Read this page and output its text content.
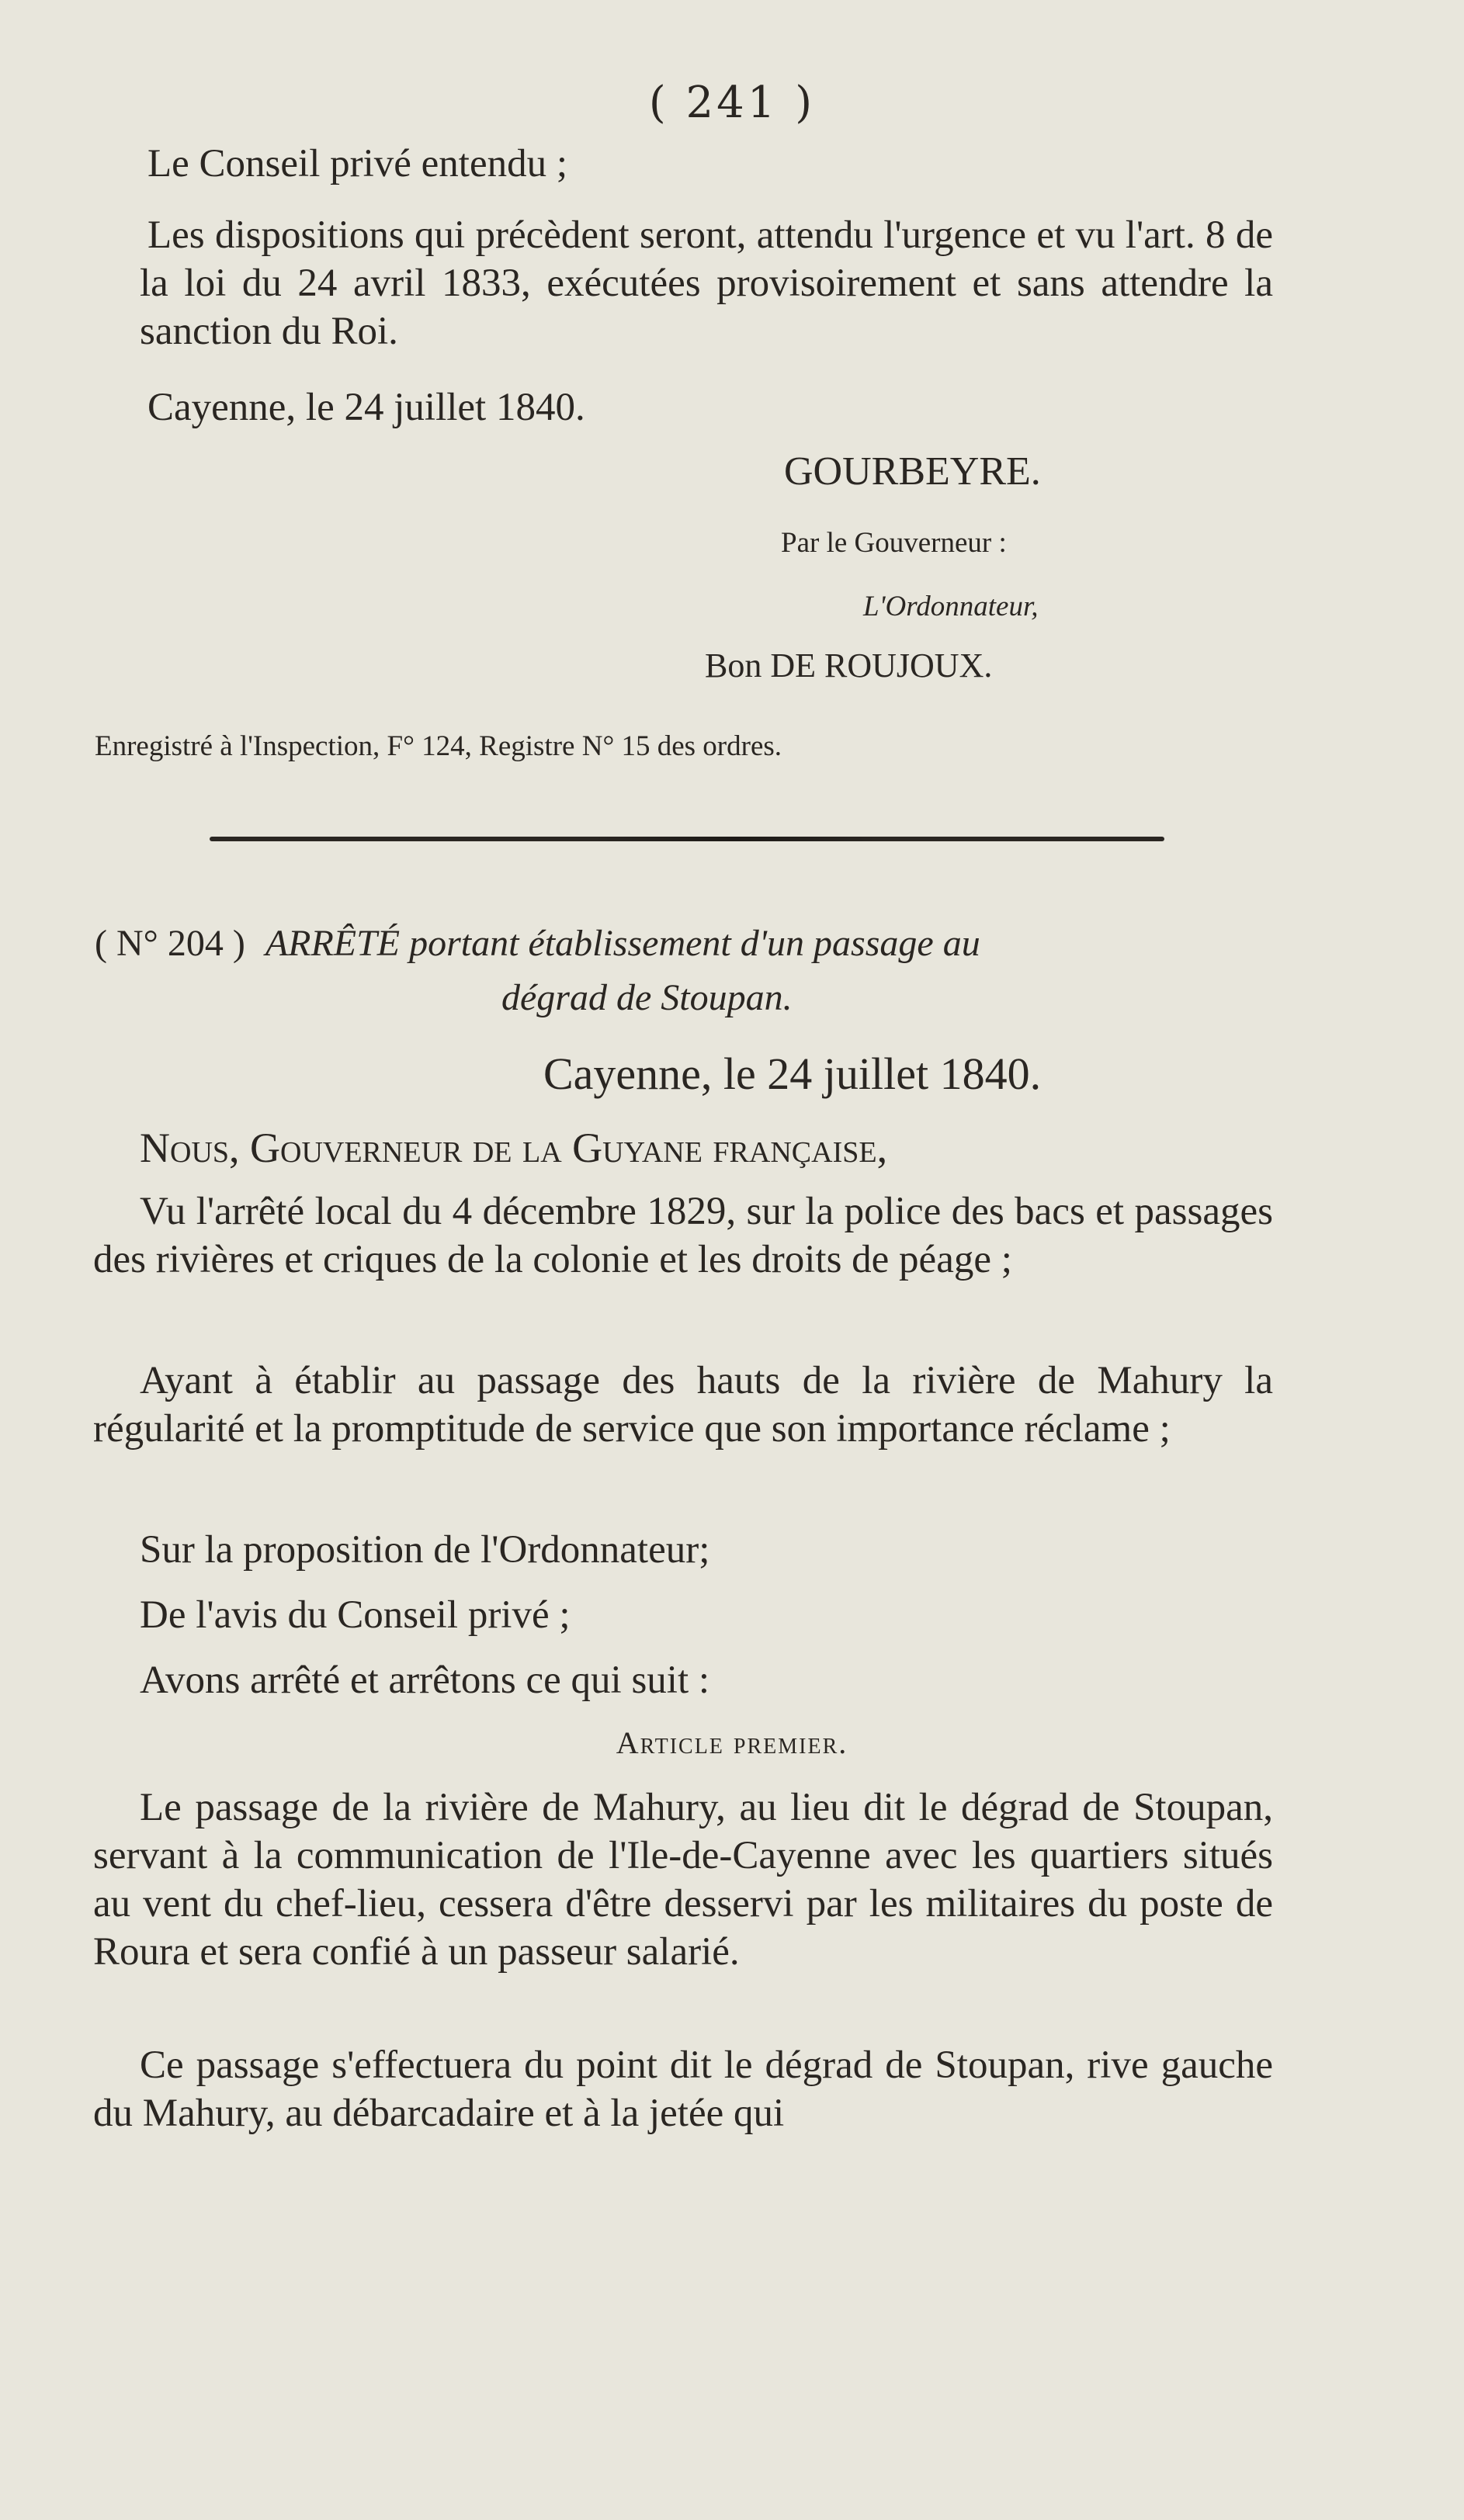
( 241 )

Le Conseil privé entendu ;

Les dispositions qui précèdent seront, attendu l'urgence et vu l'art. 8 de la loi du 24 avril 1833, exécutées provisoirement et sans attendre la sanction du Roi.

Cayenne, le 24 juillet 1840.

GOURBEYRE.
Par le Gouverneur :
L'Ordonnateur,
Bon DE ROUJOUX.
Enregistré à l'Inspection, F° 124, Registre N° 15 des ordres.
( N° 204 ) ARRÊTÉ portant établissement d'un passage au
dégrad de Stoupan.
Cayenne, le 24 juillet 1840.
Nous, Gouverneur de la Guyane française,

Vu l'arrêté local du 4 décembre 1829, sur la police des bacs et passages des rivières et criques de la colonie et les droits de péage ;

Ayant à établir au passage des hauts de la rivière de Mahury la régularité et la promptitude de service que son importance réclame ;

Sur la proposition de l'Ordonnateur;

De l'avis du Conseil privé ;

Avons arrêté et arrêtons ce qui suit :

Article premier.

Le passage de la rivière de Mahury, au lieu dit le dégrad de Stoupan, servant à la communication de l'Ile-de-Cayenne avec les quartiers situés au vent du chef-lieu, cessera d'être desservi par les militaires du poste de Roura et sera confié à un passeur salarié.

Ce passage s'effectuera du point dit le dégrad de Stoupan, rive gauche du Mahury, au débarcadaire et à la jetée qui
